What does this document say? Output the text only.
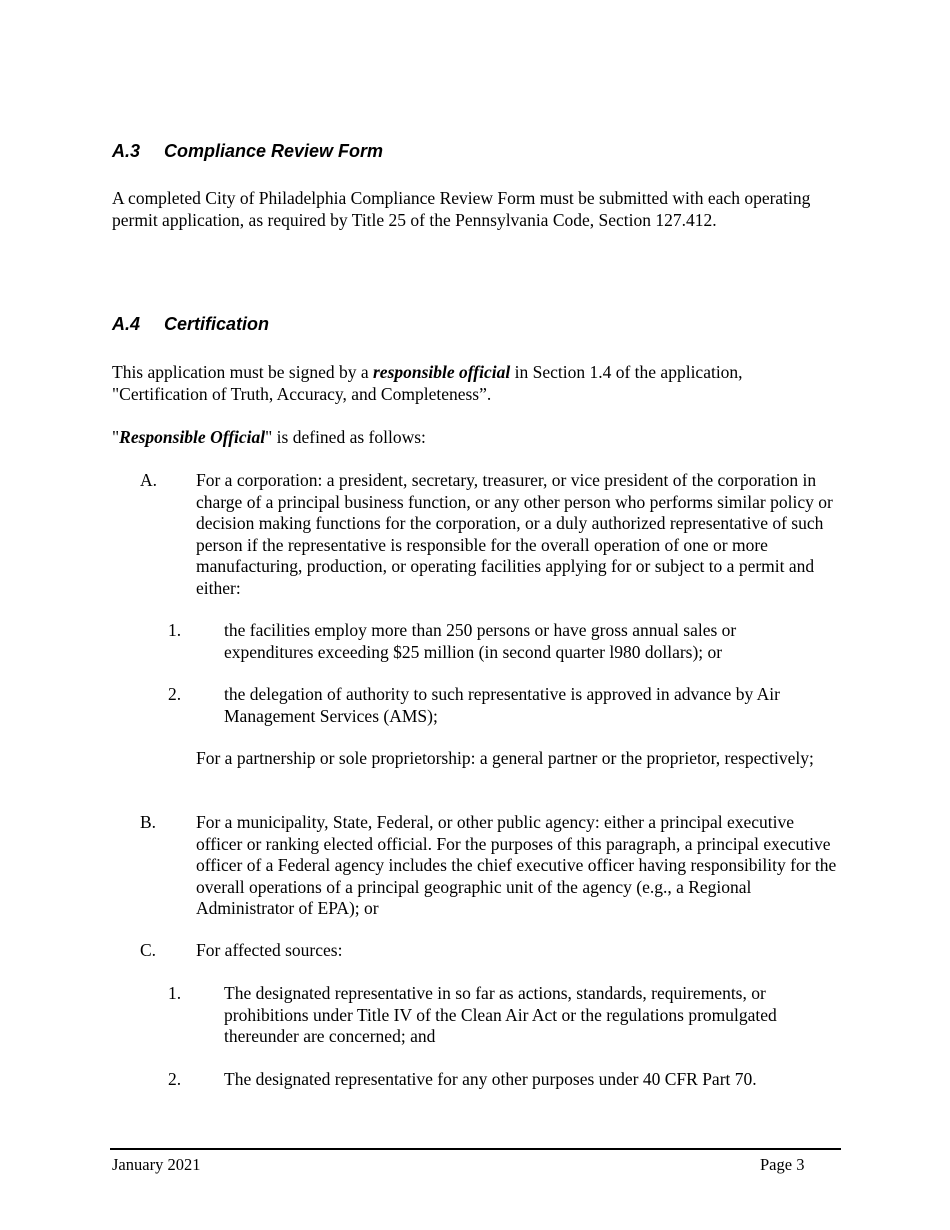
A.3 Compliance Review Form

A completed City of Philadelphia Compliance Review Form must be submitted with each operating permit application, as required by Title 25 of the Pennsylvania Code, Section 127.412.

A.4 Certification

This application must be signed by a responsible official in Section 1.4 of the application, "Certification of Truth, Accuracy, and Completeness”.

"Responsible Official" is defined as follows:

A. For a corporation: a president, secretary, treasurer, or vice president of the corporation in charge of a principal business function, or any other person who performs similar policy or decision making functions for the corporation, or a duly authorized representative of such person if the representative is responsible for the overall operation of one or more manufacturing, production, or operating facilities applying for or subject to a permit and either:

1. the facilities employ more than 250 persons or have gross annual sales or expenditures exceeding $25 million (in second quarter l980 dollars); or

2. the delegation of authority to such representative is approved in advance by Air Management Services (AMS);

For a partnership or sole proprietorship: a general partner or the proprietor, respectively;

B. For a municipality, State, Federal, or other public agency: either a principal executive officer or ranking elected official. For the purposes of this paragraph, a principal executive officer of a Federal agency includes the chief executive officer having responsibility for the overall operations of a principal geographic unit of the agency (e.g., a Regional Administrator of EPA); or

C. For affected sources:

1. The designated representative in so far as actions, standards, requirements, or prohibitions under Title IV of the Clean Air Act or the regulations promulgated thereunder are concerned; and

2. The designated representative for any other purposes under 40 CFR Part 70.

January 2021	Page 3
